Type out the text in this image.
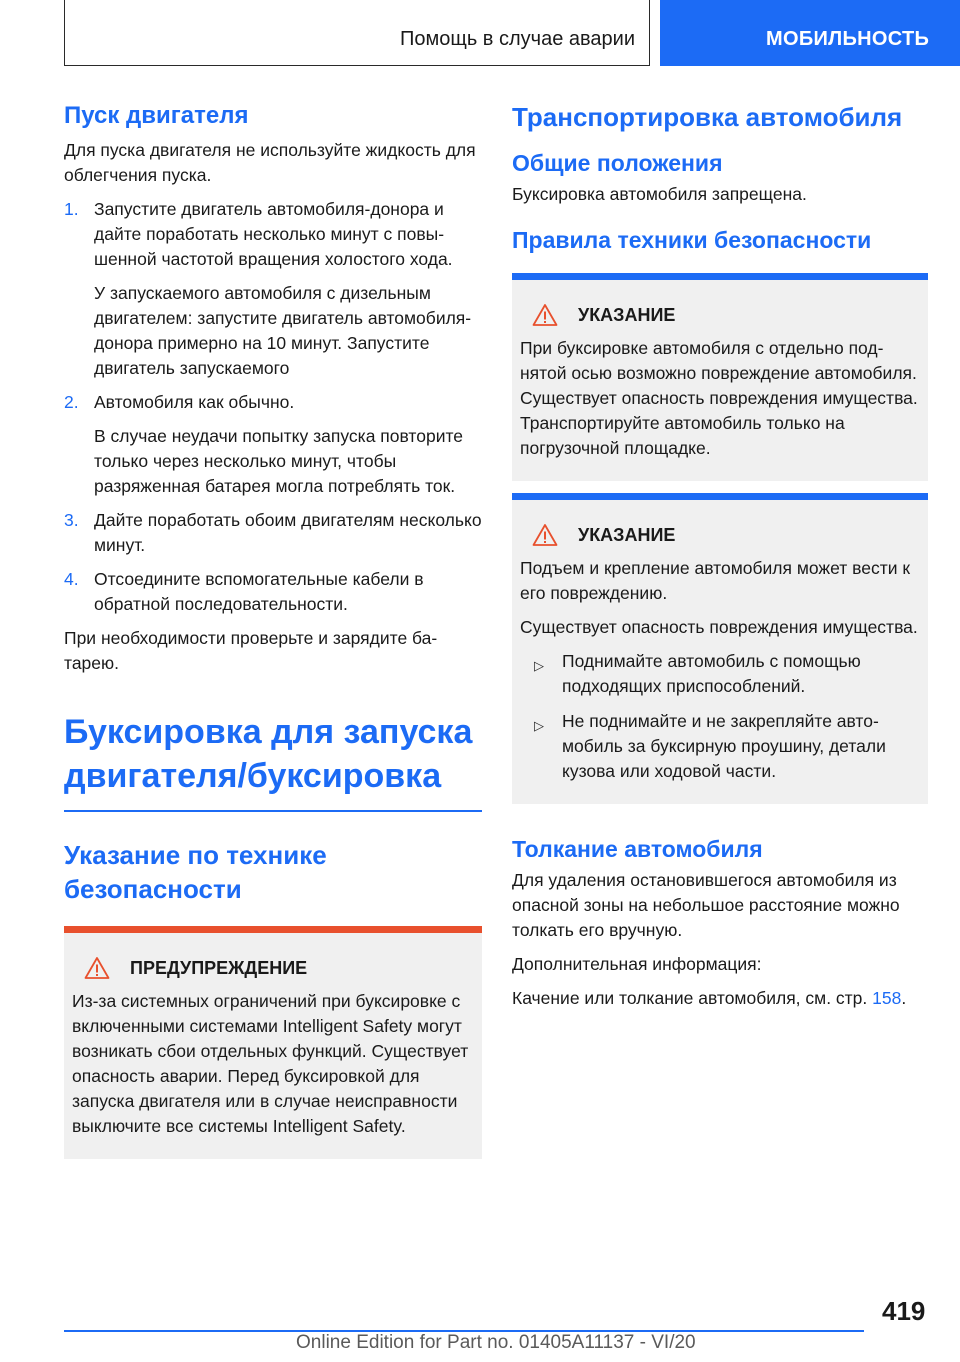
Помощь в случае аварии	МОБИЛЬНОСТЬ
Пуск двигателя

Для пуска двигателя не используйте жидкость для облегчения пуска.

1. Запустите двигатель автомобиля-донора и дайте поработать несколько минут с повышенной частотой вращения холостого хода.
У запускаемого автомобиля с дизельным двигателем: запустите двигатель автомобиля-донора примерно на 10 минут. Запустите двигатель запускаемого
2. Автомобиля как обычно.
В случае неудачи попытку запуска повторите только через несколько минут, чтобы разряженная батарея могла потреблять ток.
3. Дайте поработать обоим двигателям несколько минут.
4. Отсоедините вспомогательные кабели в обратной последовательности.

При необходимости проверьте и зарядите батарею.

Буксировка для запуска двигателя/буксировка
Указание по технике безопасности
ПРЕДУПРЕЖДЕНИЕ

Из-за системных ограничений при буксировке с включенными системами Intelligent Safety могут возникать сбои отдельных функций. Существует опасность аварии. Перед буксировкой для запуска двигателя или в случае неисправности выключите все системы Intelligent Safety.

Транспортировка автомобиля
Общие положения

Буксировка автомобиля запрещена.

Правила техники безопасности
УКАЗАНИЕ

При буксировке автомобиля с отдельно поднятой осью возможно повреждение автомобиля. Существует опасность повреждения имущества. Транспортируйте автомобиль только на погрузочной площадке.

УКАЗАНИЕ

Подъем и крепление автомобиля может вести к его повреждению.

Существует опасность повреждения имущества.

▷ Поднимайте автомобиль с помощью подходящих приспособлений.
▷ Не поднимайте и не закрепляйте автомобиль за буксирную проушину, детали кузова или ходовой части.
Толкание автомобиля

Для удаления остановившегося автомобиля из опасной зоны на небольшое расстояние можно толкать его вручную.

Дополнительная информация:

Качение или толкание автомобиля, см. стр. 158.

419
Online Edition for Part no. 01405A11137 - VI/20
